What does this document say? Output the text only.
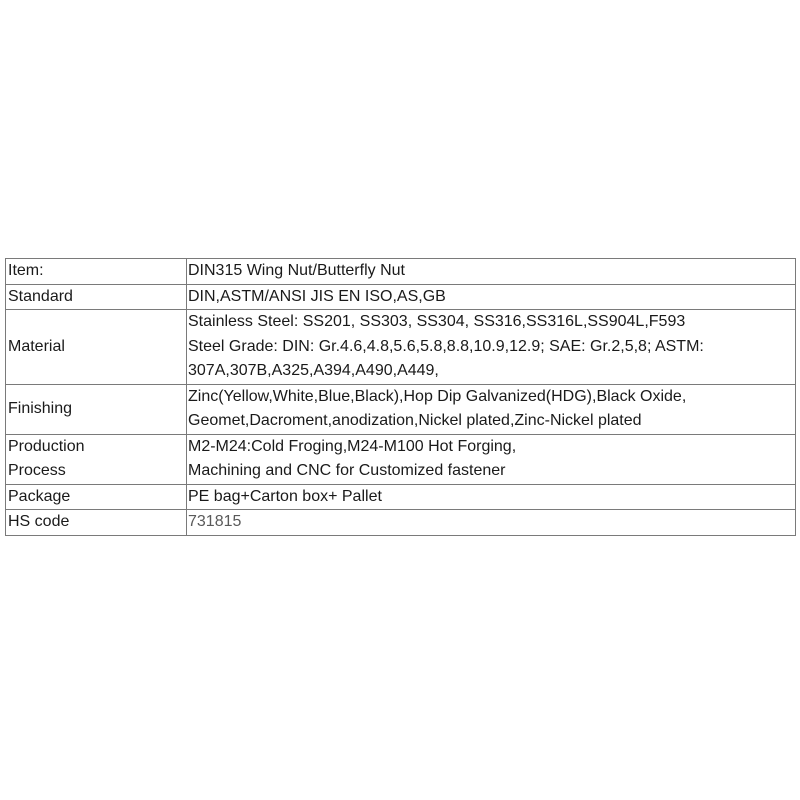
Item:	DIN315 Wing Nut/Butterfly Nut

Standard	DIN,ASTM/ANSI JIS EN ISO,AS,GB

Material	Stainless Steel: SS201, SS303, SS304, SS316,SS316L,SS904L,F593
Steel Grade: DIN: Gr.4.6,4.8,5.6,5.8,8.8,10.9,12.9; SAE: Gr.2,5,8; ASTM:
307A,307B,A325,A394,A490,A449,

Finishing	Zinc(Yellow,White,Blue,Black),Hop Dip Galvanized(HDG),Black Oxide,
Geomet,Dacroment,anodization,Nickel plated,Zinc-Nickel plated

Production
Process	M2-M24:Cold Froging,M24-M100 Hot Forging,
Machining and CNC for Customized fastener

Package	PE bag+Carton box+ Pallet

HS code	731815
